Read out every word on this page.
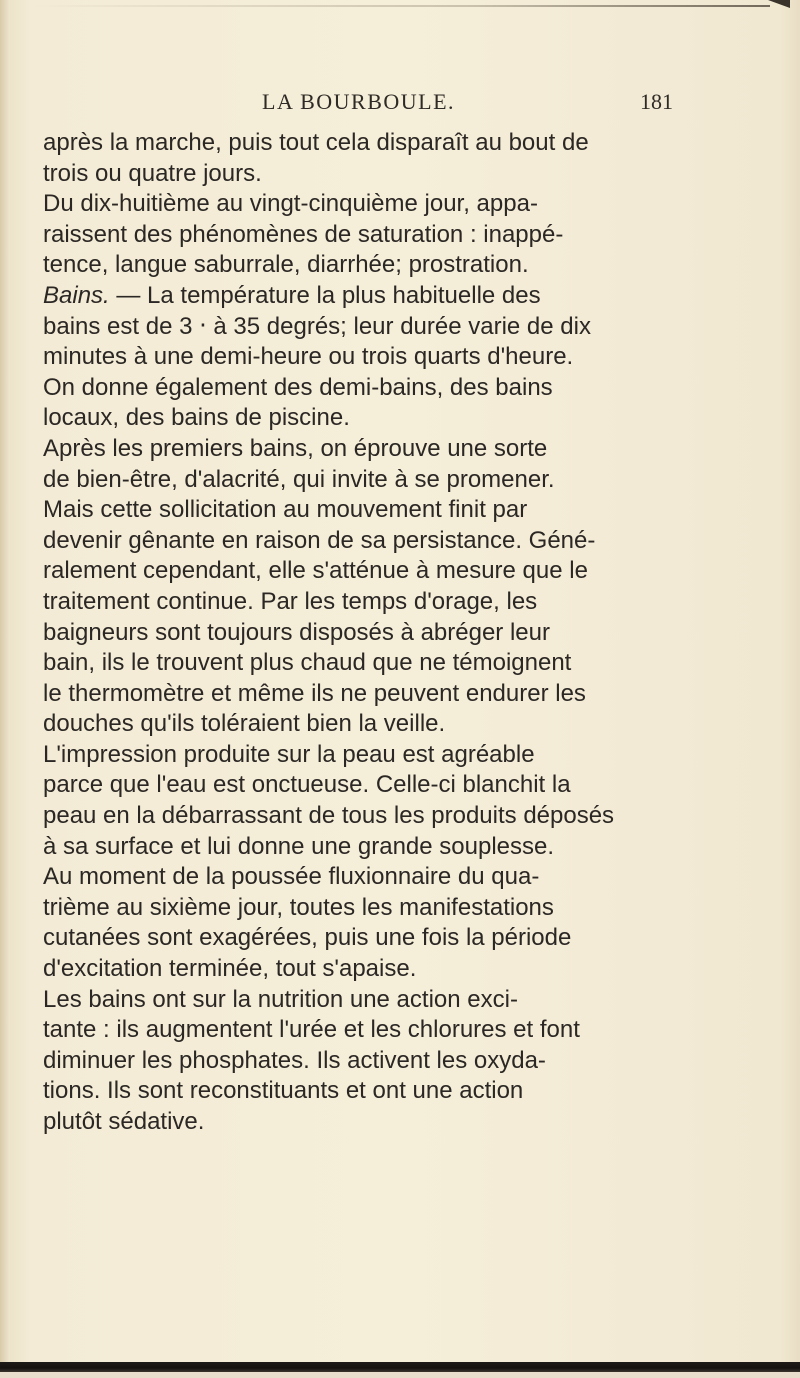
LA BOURBOULE.	181
après la marche, puis tout cela disparaît au bout de
trois ou quatre jours.
Du dix-huitième au vingt-cinquième jour, appa-
raissent des phénomènes de saturation : inappé-
tence, langue saburrale, diarrhée; prostration.
Bains. — La température la plus habituelle des
bains est de 3 ‧ à 35 degrés; leur durée varie de dix
minutes à une demi-heure ou trois quarts d'heure.
On donne également des demi-bains, des bains
locaux, des bains de piscine.
Après les premiers bains, on éprouve une sorte
de bien-être, d'alacrité, qui invite à se promener.
Mais cette sollicitation au mouvement finit par
devenir gênante en raison de sa persistance. Géné-
ralement cependant, elle s'atténue à mesure que le
traitement continue. Par les temps d'orage, les
baigneurs sont toujours disposés à abréger leur
bain, ils le trouvent plus chaud que ne témoignent
le thermomètre et même ils ne peuvent endurer les
douches qu'ils toléraient bien la veille.
L'impression produite sur la peau est agréable
parce que l'eau est onctueuse. Celle-ci blanchit la
peau en la débarrassant de tous les produits déposés
à sa surface et lui donne une grande souplesse.
Au moment de la poussée fluxionnaire du qua-
trième au sixième jour, toutes les manifestations
cutanées sont exagérées, puis une fois la période
d'excitation terminée, tout s'apaise.
Les bains ont sur la nutrition une action exci-
tante : ils augmentent l'urée et les chlorures et font
diminuer les phosphates. Ils activent les oxyda-
tions. Ils sont reconstituants et ont une action
plutôt sédative.
